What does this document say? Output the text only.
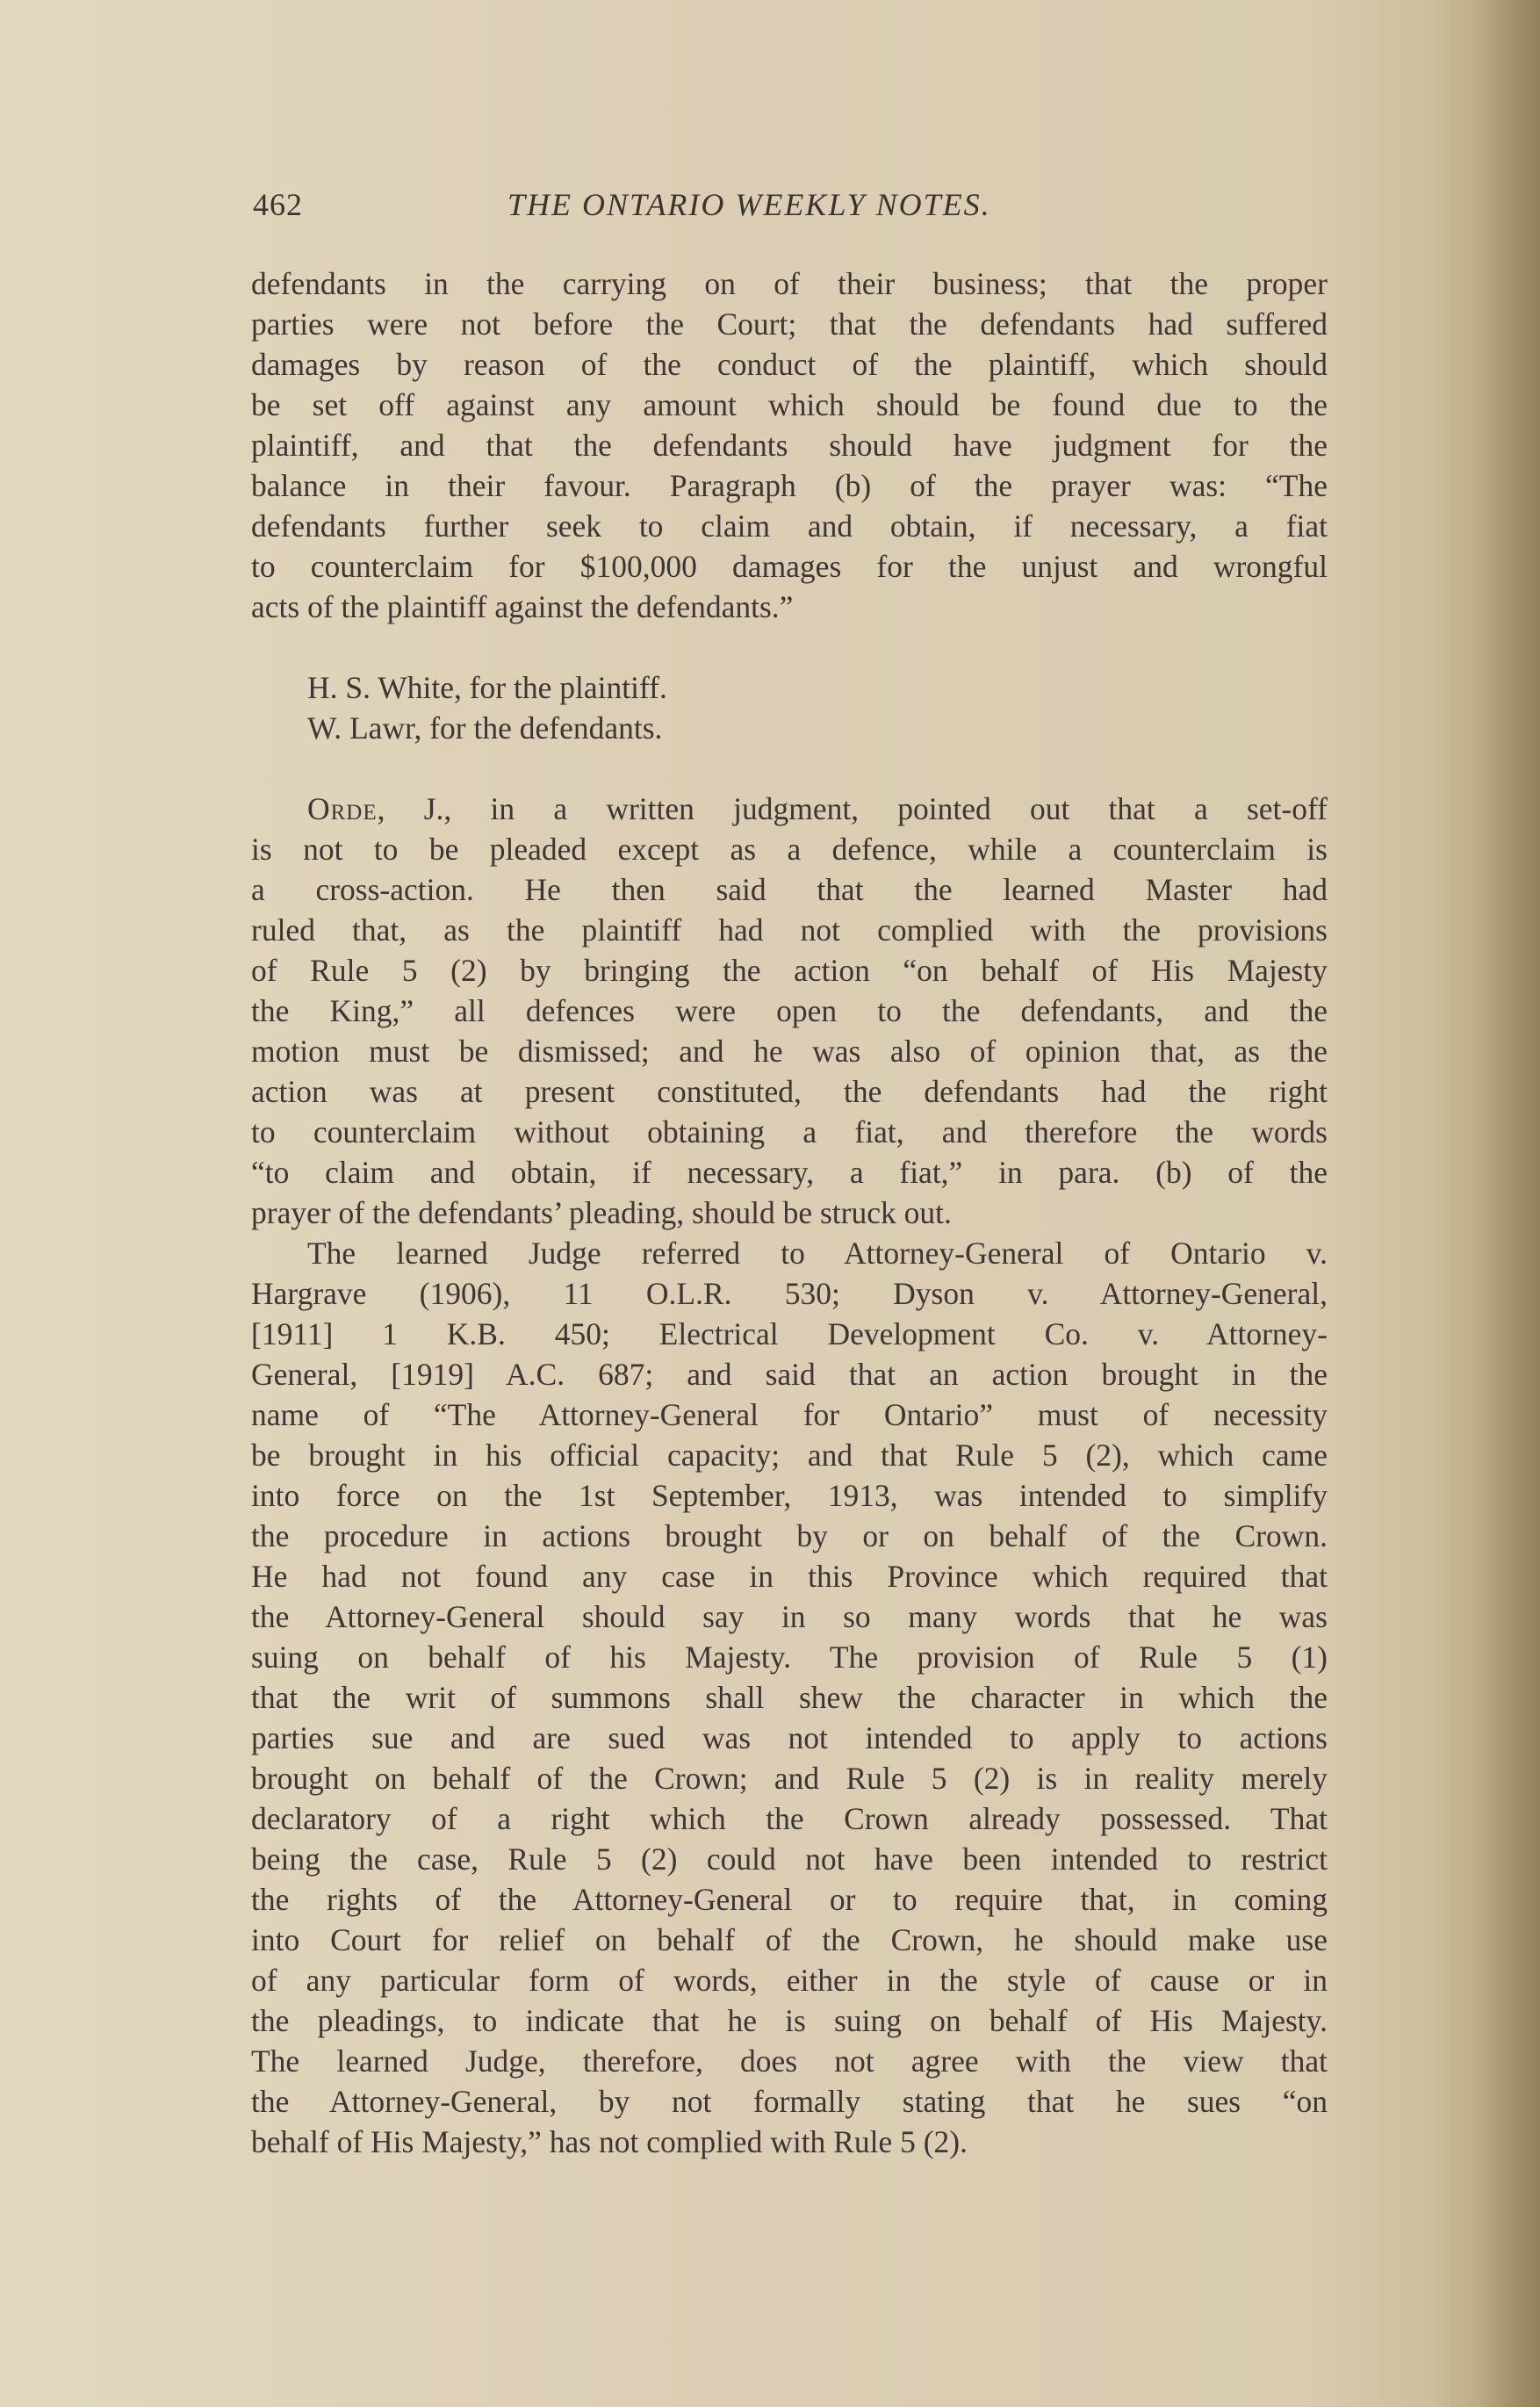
462	THE ONTARIO WEEKLY NOTES.
defendants in the carrying on of their business; that the proper
parties were not before the Court; that the defendants had suffered
damages by reason of the conduct of the plaintiff, which should
be set off against any amount which should be found due to the
plaintiff, and that the defendants should have judgment for the
balance in their favour. Paragraph (b) of the prayer was: “The
defendants further seek to claim and obtain, if necessary, a fiat
to counterclaim for $100,000 damages for the unjust and wrongful
acts of the plaintiff against the defendants.”
H. S. White, for the plaintiff.
W. Lawr, for the defendants.
Orde, J., in a written judgment, pointed out that a set-off
is not to be pleaded except as a defence, while a counterclaim is
a cross-action. He then said that the learned Master had
ruled that, as the plaintiff had not complied with the provisions
of Rule 5 (2) by bringing the action “on behalf of His Majesty
the King,” all defences were open to the defendants, and the
motion must be dismissed; and he was also of opinion that, as the
action was at present constituted, the defendants had the right
to counterclaim without obtaining a fiat, and therefore the words
“to claim and obtain, if necessary, a fiat,” in para. (b) of the
prayer of the defendants’ pleading, should be struck out.
The learned Judge referred to Attorney-General of Ontario v.
Hargrave (1906), 11 O.L.R. 530; Dyson v. Attorney-General,
[1911] 1 K.B. 450; Electrical Development Co. v. Attorney-
General, [1919] A.C. 687; and said that an action brought in the
name of “The Attorney-General for Ontario” must of necessity
be brought in his official capacity; and that Rule 5 (2), which came
into force on the 1st September, 1913, was intended to simplify
the procedure in actions brought by or on behalf of the Crown.
He had not found any case in this Province which required that
the Attorney-General should say in so many words that he was
suing on behalf of his Majesty. The provision of Rule 5 (1)
that the writ of summons shall shew the character in which the
parties sue and are sued was not intended to apply to actions
brought on behalf of the Crown; and Rule 5 (2) is in reality merely
declaratory of a right which the Crown already possessed. That
being the case, Rule 5 (2) could not have been intended to restrict
the rights of the Attorney-General or to require that, in coming
into Court for relief on behalf of the Crown, he should make use
of any particular form of words, either in the style of cause or in
the pleadings, to indicate that he is suing on behalf of His Majesty.
The learned Judge, therefore, does not agree with the view that
the Attorney-General, by not formally stating that he sues “on
behalf of His Majesty,” has not complied with Rule 5 (2).
